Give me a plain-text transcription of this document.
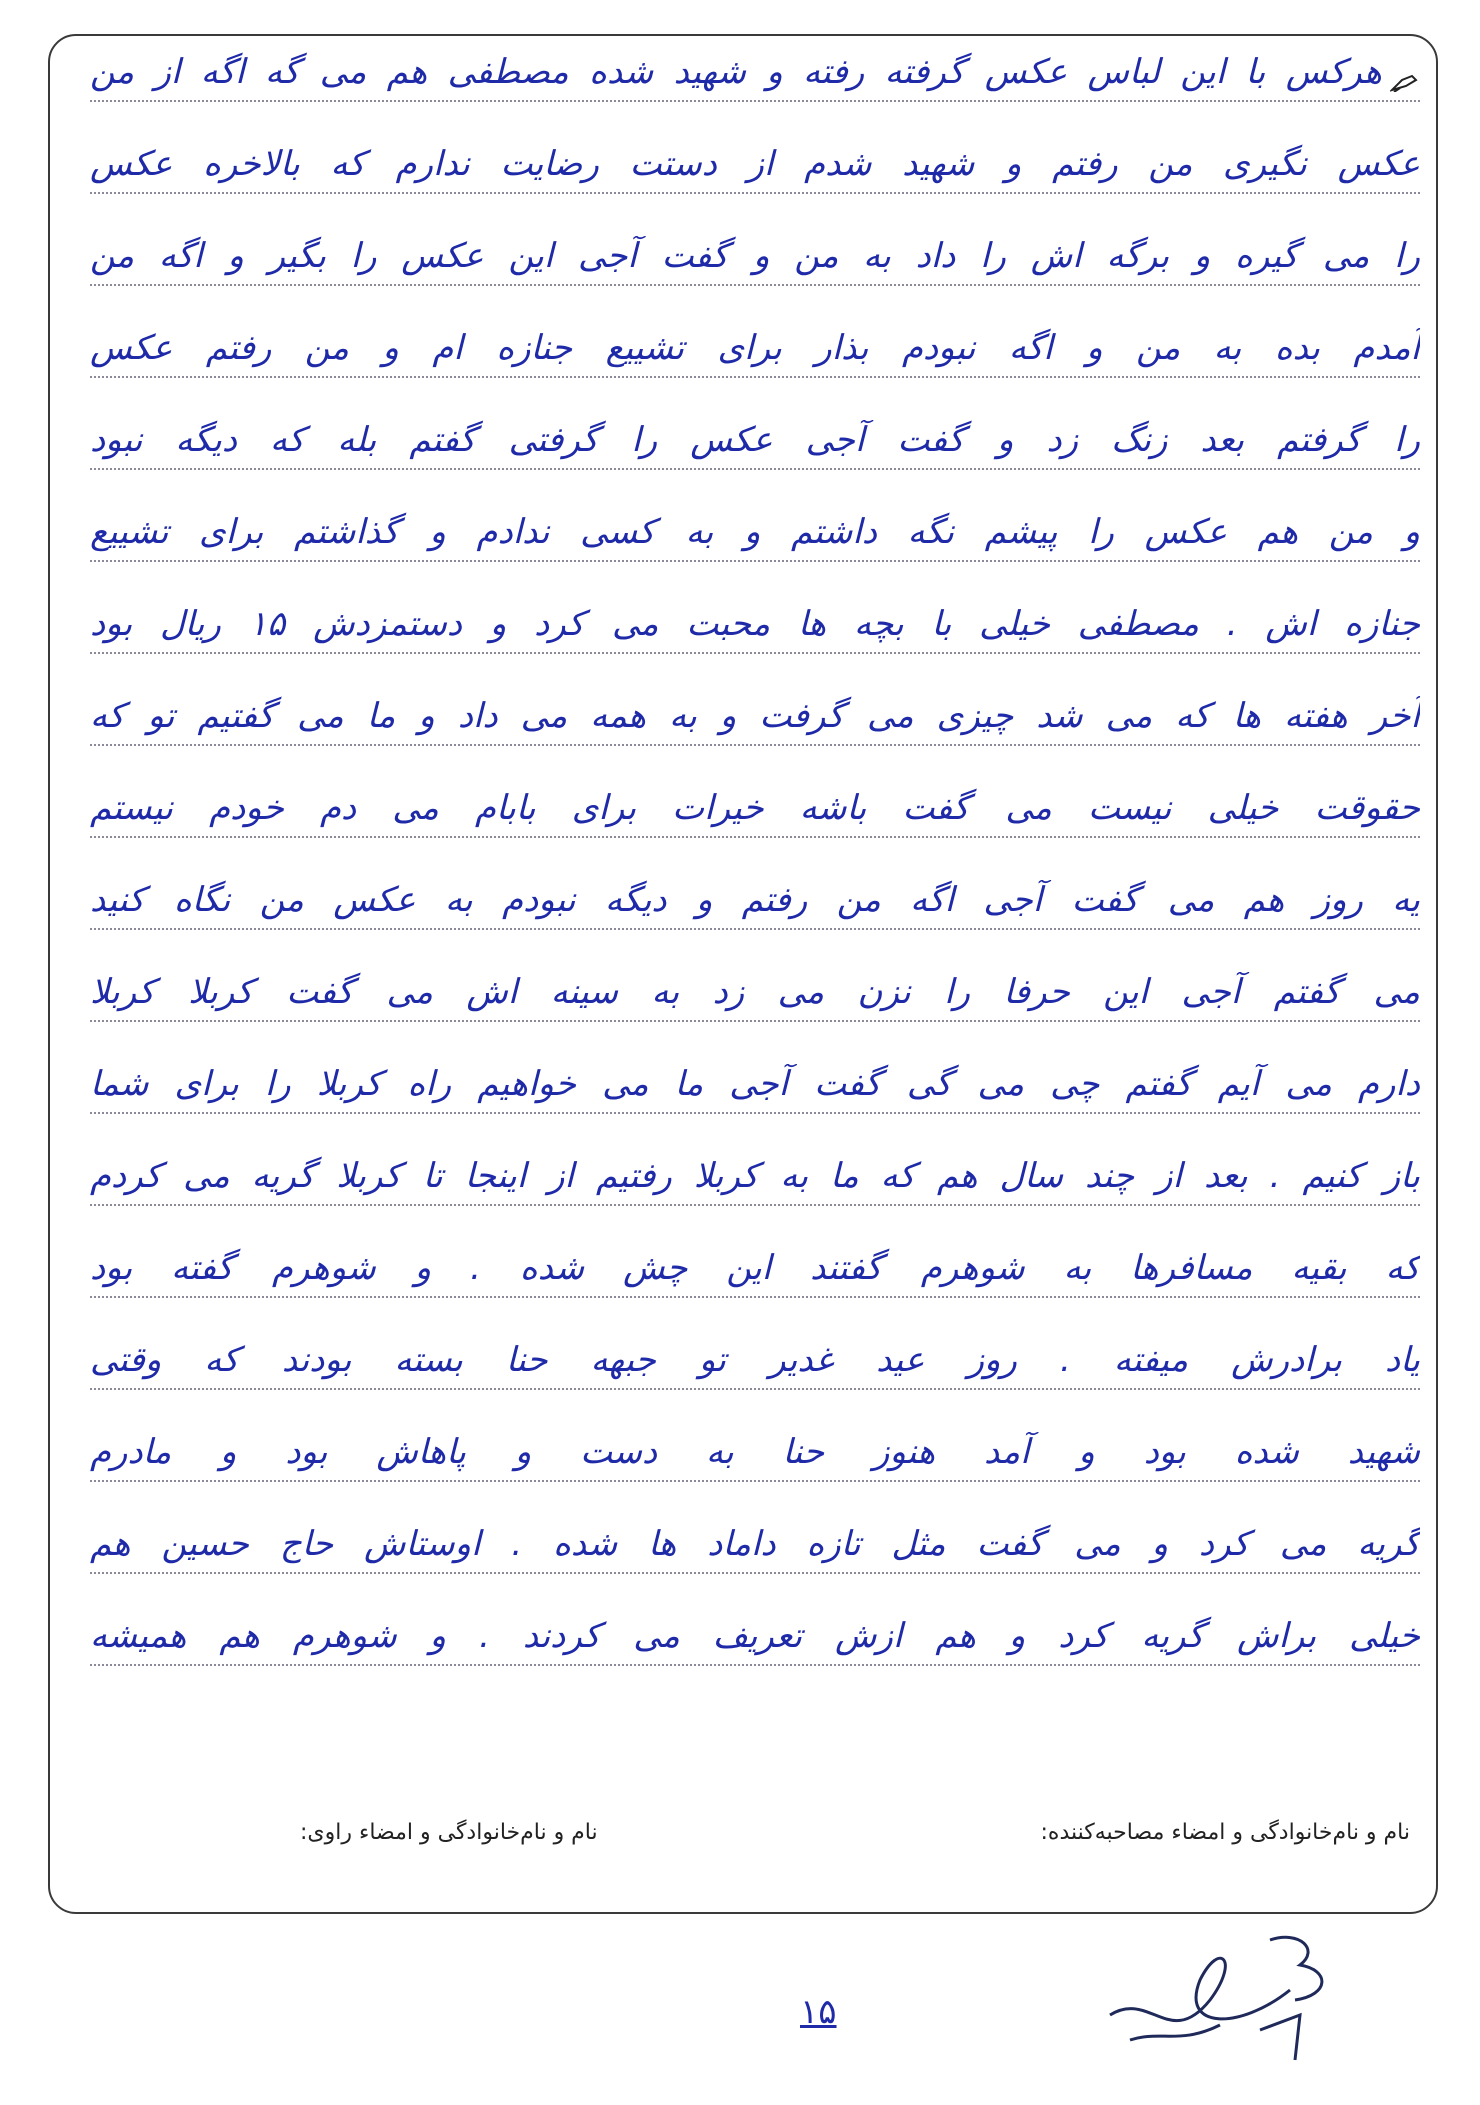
هرکس با این لباس عکس گرفته رفته و شهید شده مصطفی هم می گه اگه از من
عکس نگیری من رفتم و شهید شدم از دستت رضایت ندارم که بالاخره عکس
را می گیره و برگه اش را داد به من و گفت آجی این عکس را بگیر و اگه من
آمدم بده به من و اگه نبودم بذار برای تشییع جنازه ام و من رفتم عکس
را گرفتم بعد زنگ زد و گفت آجی عکس را گرفتی گفتم بله که دیگه نبود
و من هم عکس را پیشم نگه داشتم و به کسی ندادم و گذاشتم برای تشییع
جنازه اش . مصطفی خیلی با بچه ها محبت می کرد و دستمزدش ۱۵ ریال بود
آخر هفته ها که می شد چیزی می گرفت و به همه می داد و ما می گفتیم تو که
حقوقت خیلی نیست می گفت باشه خیرات برای بابام می دم خودم نیستم
یه روز هم می گفت آجی اگه من رفتم و دیگه نبودم به عکس من نگاه کنید
می گفتم آجی این حرفا را نزن می زد به سینه اش می گفت کربلا کربلا
دارم می آیم گفتم چی می گی گفت آجی ما می خواهیم راه کربلا را برای شما
باز کنیم . بعد از چند سال هم که ما به کربلا رفتیم از اینجا تا کربلا گریه می کردم
که بقیه مسافرها به شوهرم گفتند این چش شده . و شوهرم گفته بود
یاد برادرش میفته . روز عید غدیر تو جبهه حنا بسته بودند که وقتی
شهید شده بود و آمد هنوز حنا به دست و پاهاش بود و مادرم
گریه می کرد و می گفت مثل تازه داماد ها شده . اوستاش حاج حسین هم
خیلی براش گریه کرد و هم ازش تعریف می کردند . و شوهرم هم همیشه
نام و نام‌خانوادگی و امضاء مصاحبه‌کننده:
نام و نام‌خانوادگی و امضاء راوی:
۱۵
